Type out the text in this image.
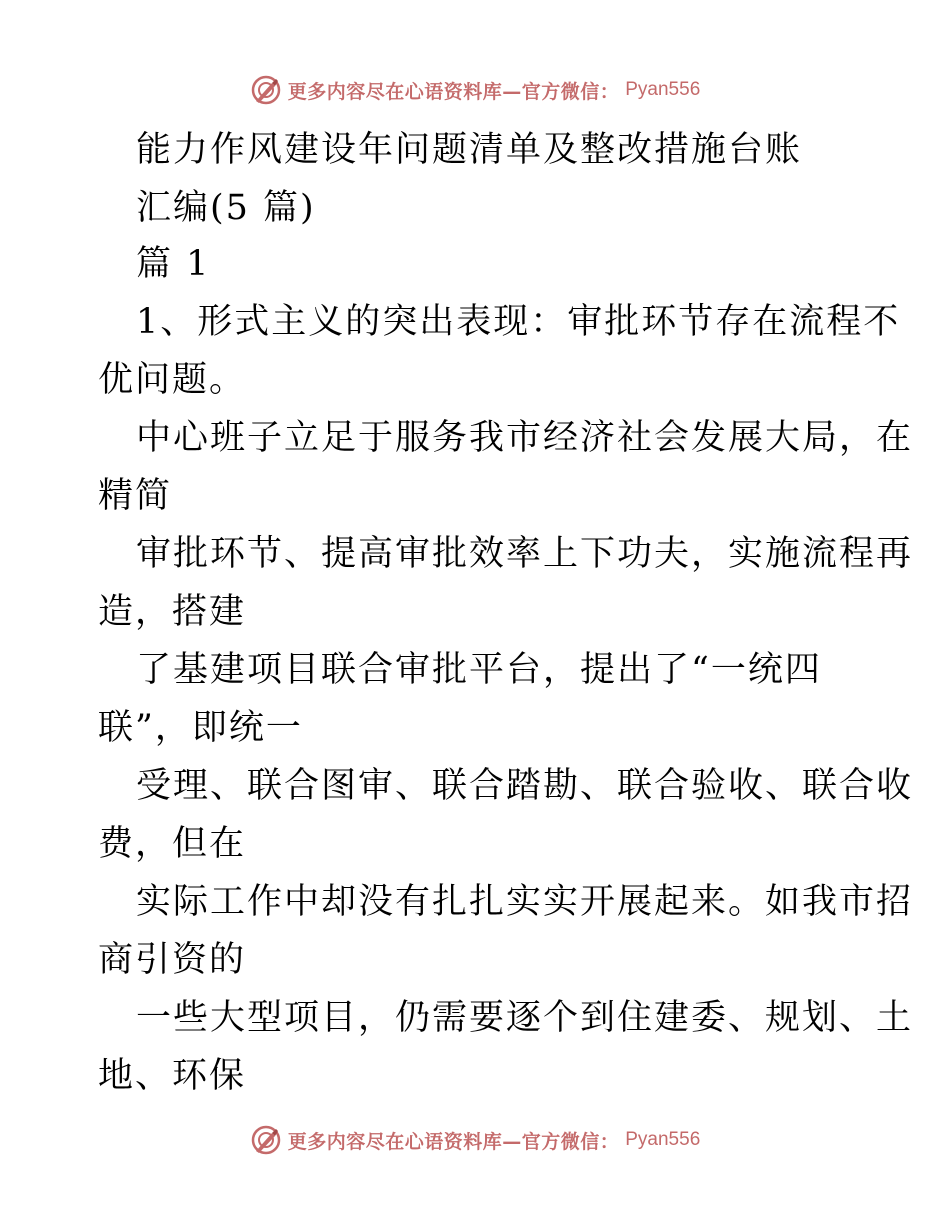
更多内容尽在心语资料库—官方微信： Pyan556
能力作风建设年问题清单及整改措施台账
汇编(5 篇)
篇 1
1、形式主义的突出表现：审批环节存在流程不
优问题。
中心班子立足于服务我市经济社会发展大局，在
精简
审批环节、提高审批效率上下功夫，实施流程再
造，搭建
了基建项目联合审批平台，提出了“一统四
联”，即统一
受理、联合图审、联合踏勘、联合验收、联合收
费，但在
实际工作中却没有扎扎实实开展起来。如我市招
商引资的
一些大型项目，仍需要逐个到住建委、规划、土
地、环保
更多内容尽在心语资料库—官方微信： Pyan556
